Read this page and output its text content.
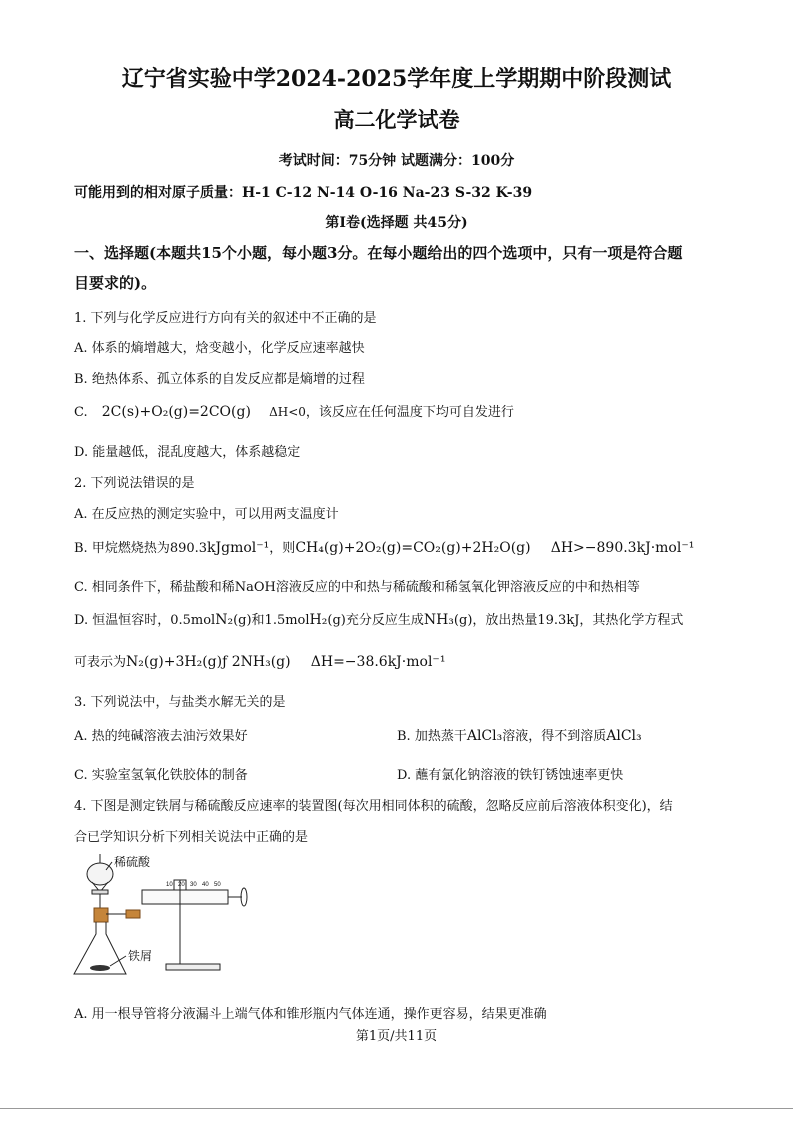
辽宁省实验中学2024-2025学年度上学期期中阶段测试
高二化学试卷
考试时间：75分钟 试题满分：100分
可能用到的相对原子质量：H-1 C-12 N-14 O-16 Na-23 S-32 K-39
第Ⅰ卷(选择题 共45分)
一、选择题(本题共15个小题，每小题3分。在每小题给出的四个选项中，只有一项是符合题
目要求的)。
1. 下列与化学反应进行方向有关的叙述中不正确的是
A. 体系的熵增越大，焓变越小，化学反应速率越快
B. 绝热体系、孤立体系的自发反应都是熵增的过程
C. 2C(s)+O₂(g)=2CO(g) ΔH<0，该反应在任何温度下均可自发进行
D. 能量越低，混乱度越大，体系越稳定
2. 下列说法错误的是
A. 在反应热的测定实验中，可以用两支温度计
B. 甲烷燃烧热为890.3kJgmol⁻¹，则CH₄(g)+2O₂(g)=CO₂(g)+2H₂O(g) ΔH>−890.3kJ·mol⁻¹
C. 相同条件下，稀盐酸和稀NaOH溶液反应的中和热与稀硫酸和稀氢氧化钾溶液反应的中和热相等
D. 恒温恒容时，0.5molN₂(g)和1.5molH₂(g)充分反应生成NH₃(g)，放出热量19.3kJ，其热化学方程式
可表示为N₂(g)+3H₂(g)ƒ 2NH₃(g) ΔH=−38.6kJ·mol⁻¹
3. 下列说法中，与盐类水解无关的是
A. 热的纯碱溶液去油污效果好	B. 加热蒸干AlCl₃溶液，得不到溶质AlCl₃
C. 实验室氢氧化铁胶体的制备	D. 蘸有氯化钠溶液的铁钉锈蚀速率更快
4. 下图是测定铁屑与稀硫酸反应速率的装置图(每次用相同体积的硫酸，忽略反应前后溶液体积变化)，结
合已学知识分析下列相关说法中正确的是
10 20 30 40 50
稀硫酸
铁屑
A. 用一根导管将分液漏斗上端气体和锥形瓶内气体连通，操作更容易，结果更准确
第1页/共11页
